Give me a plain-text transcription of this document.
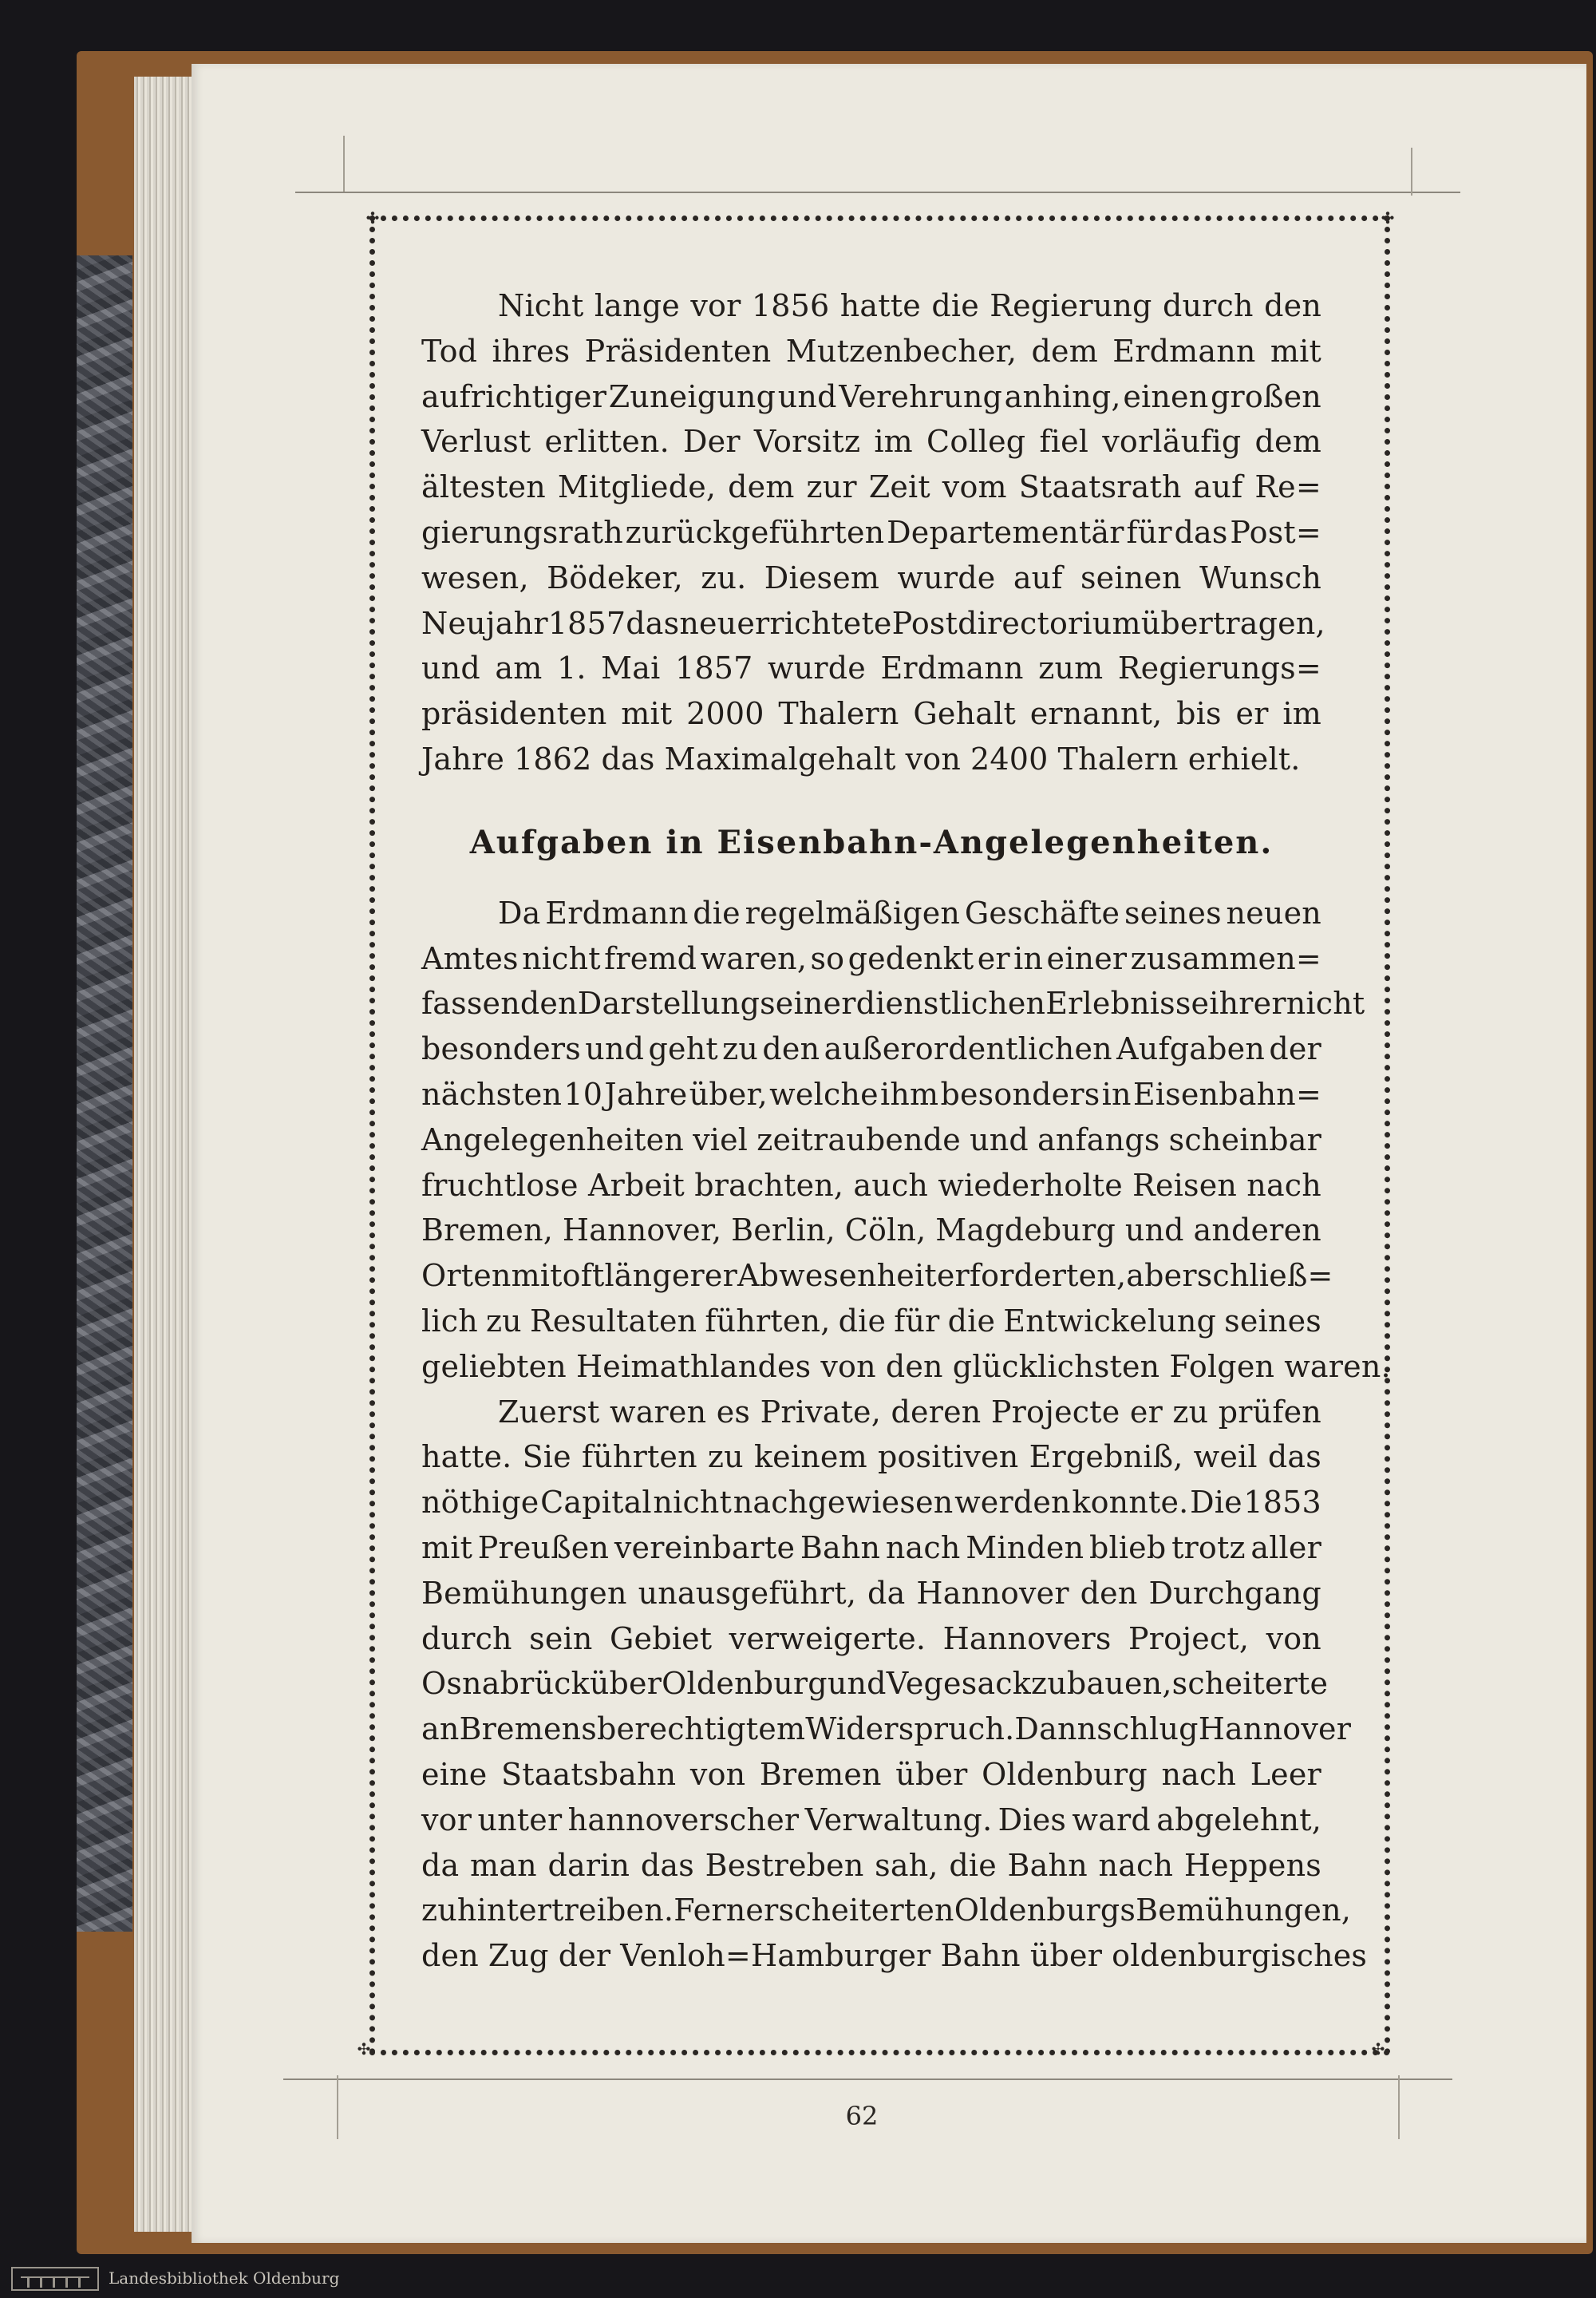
✣	✣
✣	✣
Nicht lange vor 1856 hatte die Regierung durch den
Tod ihres Präsidenten Mutzenbecher, dem Erdmann mit
aufrichtiger Zuneigung und Verehrung anhing, einen großen
Verlust erlitten. Der Vorsitz im Colleg fiel vorläufig dem
ältesten Mitgliede, dem zur Zeit vom Staatsrath auf Re=
gierungsrath zurückgeführten Departementär für das Post=
wesen, Bödeker, zu. Diesem wurde auf seinen Wunsch
Neujahr 1857 das neu errichtete Postdirectorium übertragen,
und am 1. Mai 1857 wurde Erdmann zum Regierungs=
präsidenten mit 2000 Thalern Gehalt ernannt, bis er im
Jahre 1862 das Maximalgehalt von 2400 Thalern erhielt.
Aufgaben in Eisenbahn-Angelegenheiten.
Da Erdmann die regelmäßigen Geschäfte seines neuen
Amtes nicht fremd waren, so gedenkt er in einer zusammen=
fassenden Darstellung seiner dienstlichen Erlebnisse ihrer nicht
besonders und geht zu den außerordentlichen Aufgaben der
nächsten 10 Jahre über, welche ihm besonders in Eisenbahn=
Angelegenheiten viel zeitraubende und anfangs scheinbar
fruchtlose Arbeit brachten, auch wiederholte Reisen nach
Bremen, Hannover, Berlin, Cöln, Magdeburg und anderen
Orten mit oft längerer Abwesenheit erforderten, aber schließ=
lich zu Resultaten führten, die für die Entwickelung seines
geliebten Heimathlandes von den glücklichsten Folgen waren.
Zuerst waren es Private, deren Projecte er zu prüfen
hatte. Sie führten zu keinem positiven Ergebniß, weil das
nöthige Capital nicht nachgewiesen werden konnte. Die 1853
mit Preußen vereinbarte Bahn nach Minden blieb trotz aller
Bemühungen unausgeführt, da Hannover den Durchgang
durch sein Gebiet verweigerte. Hannovers Project, von
Osnabrück über Oldenburg und Vegesack zu bauen, scheiterte
an Bremens berechtigtem Widerspruch. Dann schlug Hannover
eine Staatsbahn von Bremen über Oldenburg nach Leer
vor unter hannoverscher Verwaltung. Dies ward abgelehnt,
da man darin das Bestreben sah, die Bahn nach Heppens
zu hintertreiben. Ferner scheiterten Oldenburgs Bemühungen,
den Zug der Venloh=Hamburger Bahn über oldenburgisches
62
Landesbibliothek Oldenburg
